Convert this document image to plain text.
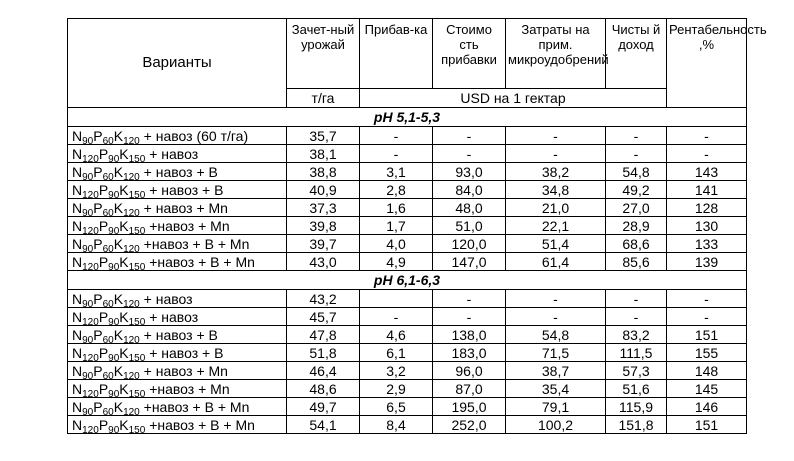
Варианты	Зачет-ный урожай	Прибав-ка	Стоимо сть прибавки	Затраты на прим. микроудобрений	Чисты й доход	Рентабельность ,%
	т/га	USD на 1 гектар				
pH 5,1-5,3						
$N_{90}P_{60}K_{120}$ + навоз (60 т/га)	35,7	-	-	-	-	-
$N_{120}P_{90}K_{150}$ + навоз	38,1	-	-	-	-	-
$N_{90}P_{60}K_{120}$ + навоз + B	38,8	3,1	93,0	38,2	54,8	143
$N_{120}P_{90}K_{150}$ + навоз + B	40,9	2,8	84,0	34,8	49,2	141
$N_{90}P_{60}K_{120}$ + навоз + Mn	37,3	1,6	48,0	21,0	27,0	128
$N_{120}P_{90}K_{150}$ +навоз + Mn	39,8	1,7	51,0	22,1	28,9	130
$N_{90}P_{60}K_{120}$ +навоз + B + Mn	39,7	4,0	120,0	51,4	68,6	133
$N_{120}P_{90}K_{150}$ +навоз + B + Mn	43,0	4,9	147,0	61,4	85,6	139
pH 6,1-6,3						
$N_{90}P_{60}K_{120}$ + навоз	43,2		-	-	-	-
$N_{120}P_{90}K_{150}$ + навоз	45,7	-	-	-	-	-
$N_{90}P_{60}K_{120}$ + навоз + B	47,8	4,6	138,0	54,8	83,2	151
$N_{120}P_{90}K_{150}$ + навоз + B	51,8	6,1	183,0	71,5	111,5	155
$N_{90}P_{60}K_{120}$ + навоз + Mn	46,4	3,2	96,0	38,7	57,3	148
$N_{120}P_{90}K_{150}$ +навоз + Mn	48,6	2,9	87,0	35,4	51,6	145
$N_{90}P_{60}K_{120}$ +навоз + B + Mn	49,7	6,5	195,0	79,1	115,9	146
$N_{120}P_{90}K_{150}$ +навоз + B + Mn	54,1	8,4	252,0	100,2	151,8	151
